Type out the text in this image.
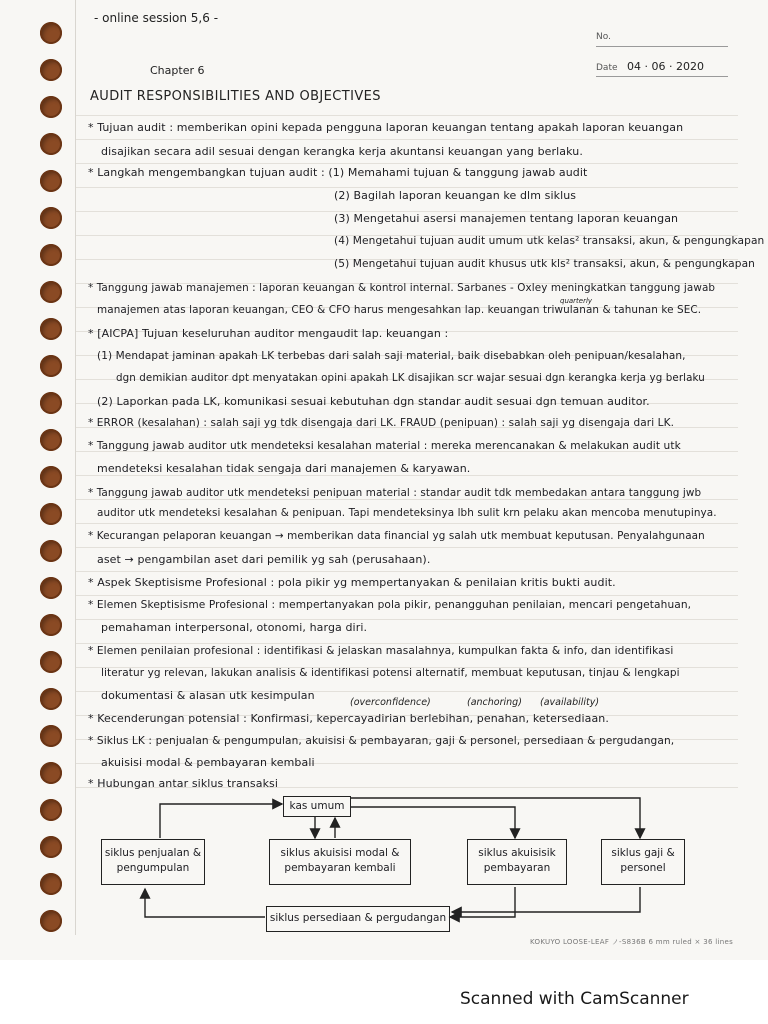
- online session 5,6 -
No.
Chapter 6	Date 04 · 06 · 2020
AUDIT RESPONSIBILITIES AND OBJECTIVES
* Tujuan audit : memberikan opini kepada pengguna laporan keuangan tentang apakah laporan keuangan
disajikan secara adil sesuai dengan kerangka kerja akuntansi keuangan yang berlaku.
* Langkah mengembangkan tujuan audit : (1) Memahami tujuan & tanggung jawab audit
(2) Bagilah laporan keuangan ke dlm siklus
(3) Mengetahui asersi manajemen tentang laporan keuangan
(4) Mengetahui tujuan audit umum utk kelas² transaksi, akun, & pengungkapan
(5) Mengetahui tujuan audit khusus utk kls² transaksi, akun, & pengungkapan
* Tanggung jawab manajemen : laporan keuangan & kontrol internal. Sarbanes - Oxley meningkatkan tanggung jawab
quarterly
manajemen atas laporan keuangan, CEO & CFO harus mengesahkan lap. keuangan triwulanan & tahunan ke SEC.
* [AICPA] Tujuan keseluruhan auditor mengaudit lap. keuangan :
(1) Mendapat jaminan apakah LK terbebas dari salah saji material, baik disebabkan oleh penipuan/kesalahan,
dgn demikian auditor dpt menyatakan opini apakah LK disajikan scr wajar sesuai dgn kerangka kerja yg berlaku
(2) Laporkan pada LK, komunikasi sesuai kebutuhan dgn standar audit sesuai dgn temuan auditor.
* ERROR (kesalahan) : salah saji yg tdk disengaja dari LK. FRAUD (penipuan) : salah saji yg disengaja dari LK.
* Tanggung jawab auditor utk mendeteksi kesalahan material : mereka merencanakan & melakukan audit utk
mendeteksi kesalahan tidak sengaja dari manajemen & karyawan.
* Tanggung jawab auditor utk mendeteksi penipuan material : standar audit tdk membedakan antara tanggung jwb
auditor utk mendeteksi kesalahan & penipuan. Tapi mendeteksinya lbh sulit krn pelaku akan mencoba menutupinya.
* Kecurangan pelaporan keuangan → memberikan data financial yg salah utk membuat keputusan. Penyalahgunaan
aset → pengambilan aset dari pemilik yg sah (perusahaan).
* Aspek Skeptisisme Profesional : pola pikir yg mempertanyakan & penilaian kritis bukti audit.
* Elemen Skeptisisme Profesional : mempertanyakan pola pikir, penangguhan penilaian, mencari pengetahuan,
pemahaman interpersonal, otonomi, harga diri.
* Elemen penilaian profesional : identifikasi & jelaskan masalahnya, kumpulkan fakta & info, dan identifikasi
literatur yg relevan, lakukan analisis & identifikasi potensi alternatif, membuat keputusan, tinjau & lengkapi
dokumentasi & alasan utk kesimpulan
(overconfidence)	(anchoring) (availability)
* Kecenderungan potensial : Konfirmasi, kepercayadirian berlebihan, penahan, ketersediaan.
* Siklus LK : penjualan & pengumpulan, akuisisi & pembayaran, gaji & personel, persediaan & pergudangan,
akuisisi modal & pembayaran kembali
* Hubungan antar siklus transaksi
kas umum
siklus penjualan & pengumpulan
siklus akuisisi modal & pembayaran kembali
siklus akuisisik pembayaran
siklus gaji & personel
siklus persediaan & pergudangan
KOKUYO LOOSE-LEAF ノ-S836B 6 mm ruled × 36 lines
Scanned with CamScanner
